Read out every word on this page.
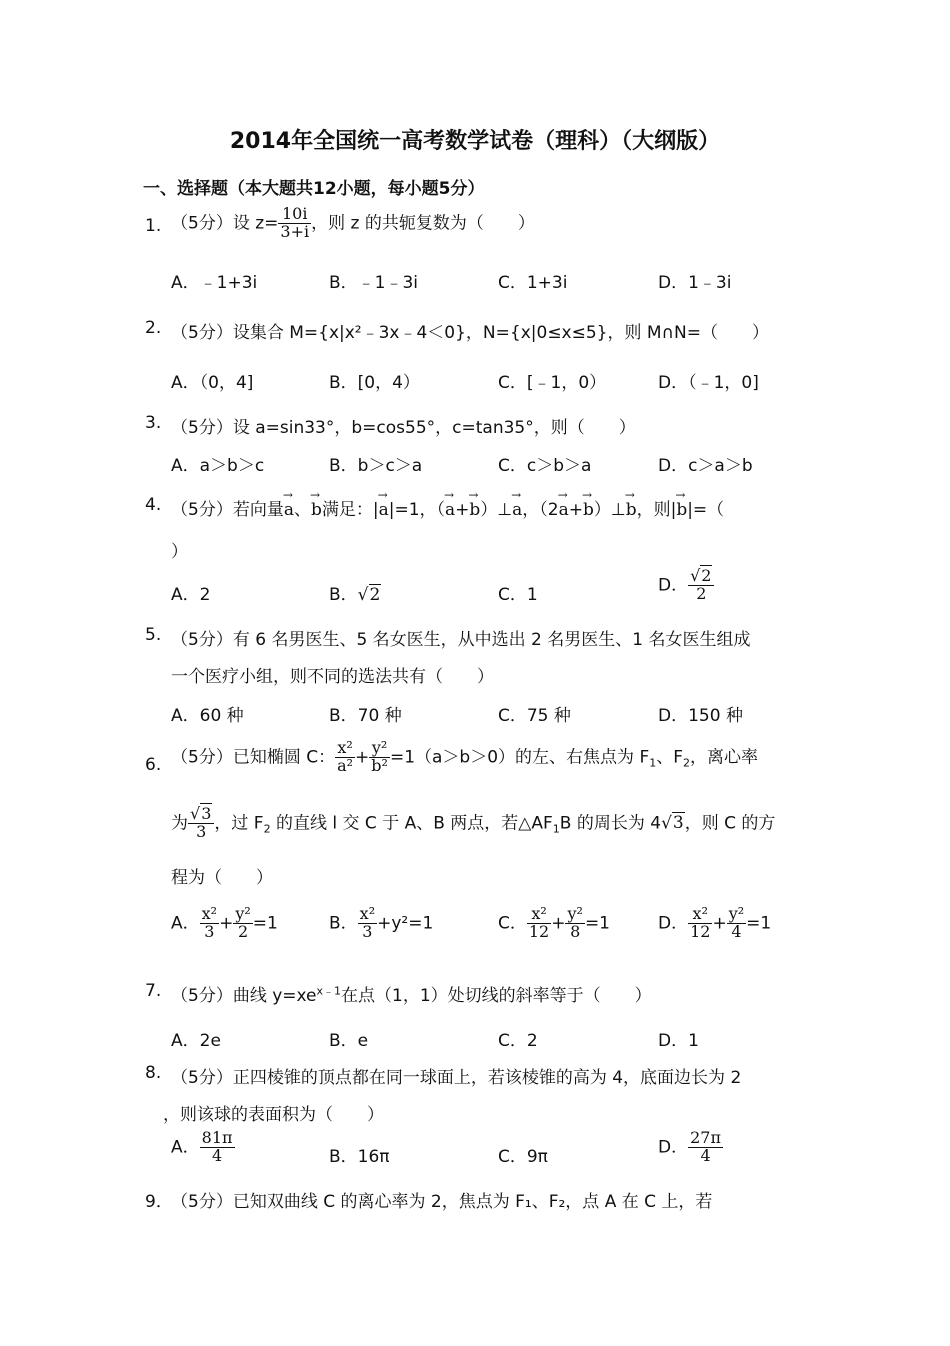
2014年全国统一高考数学试卷（理科）（大纲版）
一、选择题（本大题共12小题，每小题5分）
1. （5分）设 $z= \frac{10i}{3+i}$ ，则 z 的共轭复数为（　　）
A．﹣1+3i	B．﹣1﹣3i	C．1+3i	D．1﹣3i
2. （5分）设集合 M={x|x²﹣3x﹣4＜0}，N={x|0≤x≤5}，则 M∩N=（　　）
A．（0，4]	B．[0，4）	C．[﹣1，0）	D．（﹣1，0]
3. （5分）设 a=sin33°，b=cos55°，c=tan35°，则（　　）
A．a＞b＞c	B．b＞c＞a	C．c＞b＞a	D．c＞a＞b
4. （5分）若向量→ a、→ b满足：|→ a|=1，（→ a+→ b）⊥→ a，（2→ a+→ b）⊥→ b，则|→ b|=（
）
A．2	B．√2	C．1	D． $\frac{√2}{2}$
5. （5分）有 6 名男医生、5 名女医生，从中选出 2 名男医生、1 名女医生组成
一个医疗小组，则不同的选法共有（　　）
A．60 种	B．70 种	C．75 种	D．150 种
6. （5分）已知椭圆 C： $\frac{\text{x²}}{\text{a²}} + \frac{\text{y²}}{\text{b²}} =1(a>b>0)$的左、右焦点为 $F_1$、$F_2$，离心率
为 $\frac{√3}{3}$ ，过 $F_2$ 的直线 l 交 C 于 A、B 两点，若$\triangle AF_1B$ 的周长为 4√3，则 C 的方
程为（　　）
A． $\frac{\text{x²}}{3} + \frac{\text{y²}}{2} =1$	B． $\frac{\text{x²}}{3} +y^2=1$	C． $\frac{\text{x²}}{12} + \frac{\text{y²}}{8} =1$	D． $\frac{\text{x²}}{12} + \frac{\text{y²}}{4} =1$
7. （5分）曲线 $y=xe^{x﹣1}$在点（1，1）处切线的斜率等于（　　）
A．2e	B．e	C．2	D．1
8. （5分）正四棱锥的顶点都在同一球面上，若该棱锥的高为 4，底面边长为 2
，则该球的表面积为（　　）
A． $\frac{81\pi}{4}$	B．16π	C．9π	D． $\frac{27\pi}{4}$
9．
（5分）已知双曲线 C 的离心率为 2，焦点为 F₁、F₂，点 A 在 C 上，若
